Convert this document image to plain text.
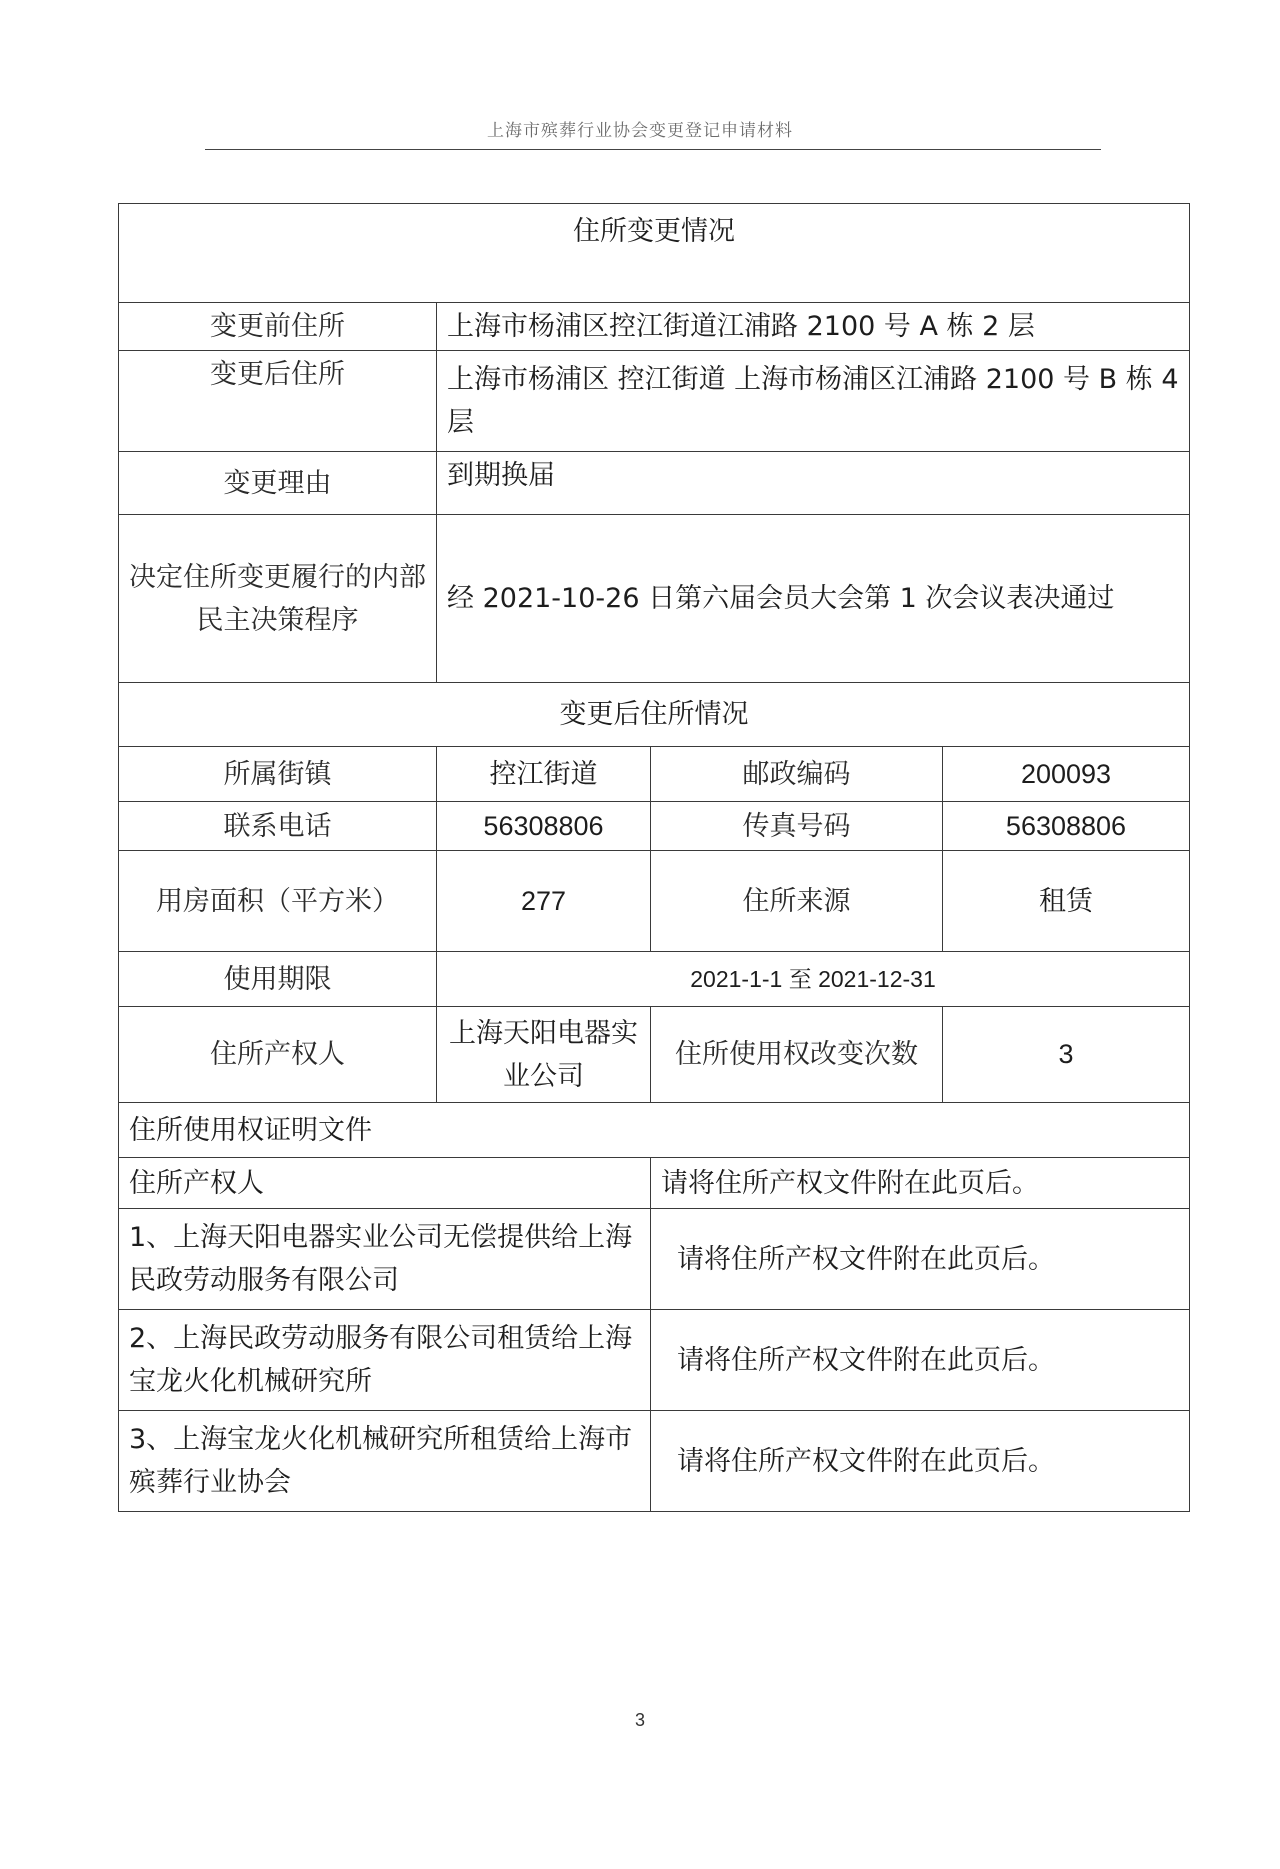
上海市殡葬行业协会变更登记申请材料
住所变更情况			
变更前住所	上海市杨浦区控江街道江浦路 2100 号 A 栋 2 层		
变更后住所	上海市杨浦区 控江街道 上海市杨浦区江浦路 2100 号 B 栋 4 层		
变更理由	到期换届		
决定住所变更履行的内部民主决策程序	经 2021-10-26 日第六届会员大会第 1 次会议表决通过		
变更后住所情况			
所属街镇	控江街道	邮政编码	200093
联系电话	56308806	传真号码	56308806
用房面积（平方米）	277	住所来源	租赁
使用期限	2021-1-1 至 2021-12-31		
住所产权人	上海天阳电器实业公司	住所使用权改变次数	3
住所使用权证明文件			
住所产权人		请将住所产权文件附在此页后。	
1、上海天阳电器实业公司无偿提供给上海民政劳动服务有限公司		请将住所产权文件附在此页后。	
2、上海民政劳动服务有限公司租赁给上海宝龙火化机械研究所		请将住所产权文件附在此页后。	
3、上海宝龙火化机械研究所租赁给上海市殡葬行业协会		请将住所产权文件附在此页后。	
3
